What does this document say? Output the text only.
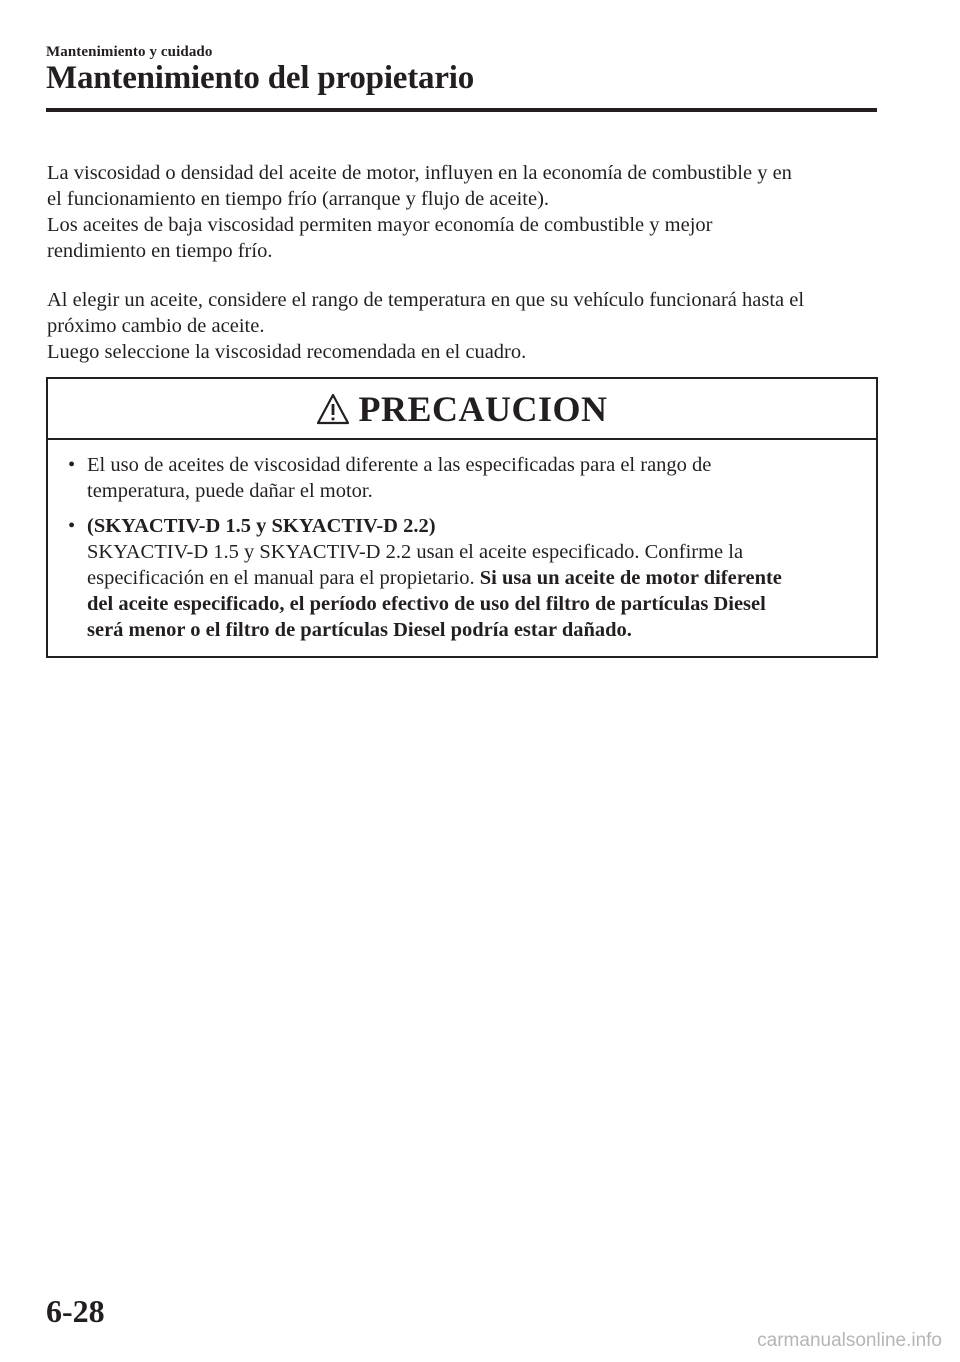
Mantenimiento y cuidado
Mantenimiento del propietario

La viscosidad o densidad del aceite de motor, influyen en la economía de combustible y en

el funcionamiento en tiempo frío (arranque y flujo de aceite).

Los aceites de baja viscosidad permiten mayor economía de combustible y mejor

rendimiento en tiempo frío.

Al elegir un aceite, considere el rango de temperatura en que su vehículo funcionará hasta el

próximo cambio de aceite.

Luego seleccione la viscosidad recomendada en el cuadro.

PRECAUCION
• El uso de aceites de viscosidad diferente a las especificadas para el rango de

temperatura, puede dañar el motor.

• (SKYACTIV-D 1.5 y SKYACTIV-D 2.2)

SKYACTIV-D 1.5 y SKYACTIV-D 2.2 usan el aceite especificado. Confirme la

especificación en el manual para el propietario. Si usa un aceite de motor diferente

del aceite especificado, el período efectivo de uso del filtro de partículas Diesel

será menor o el filtro de partículas Diesel podría estar dañado.

6-28
carmanualsonline.info
